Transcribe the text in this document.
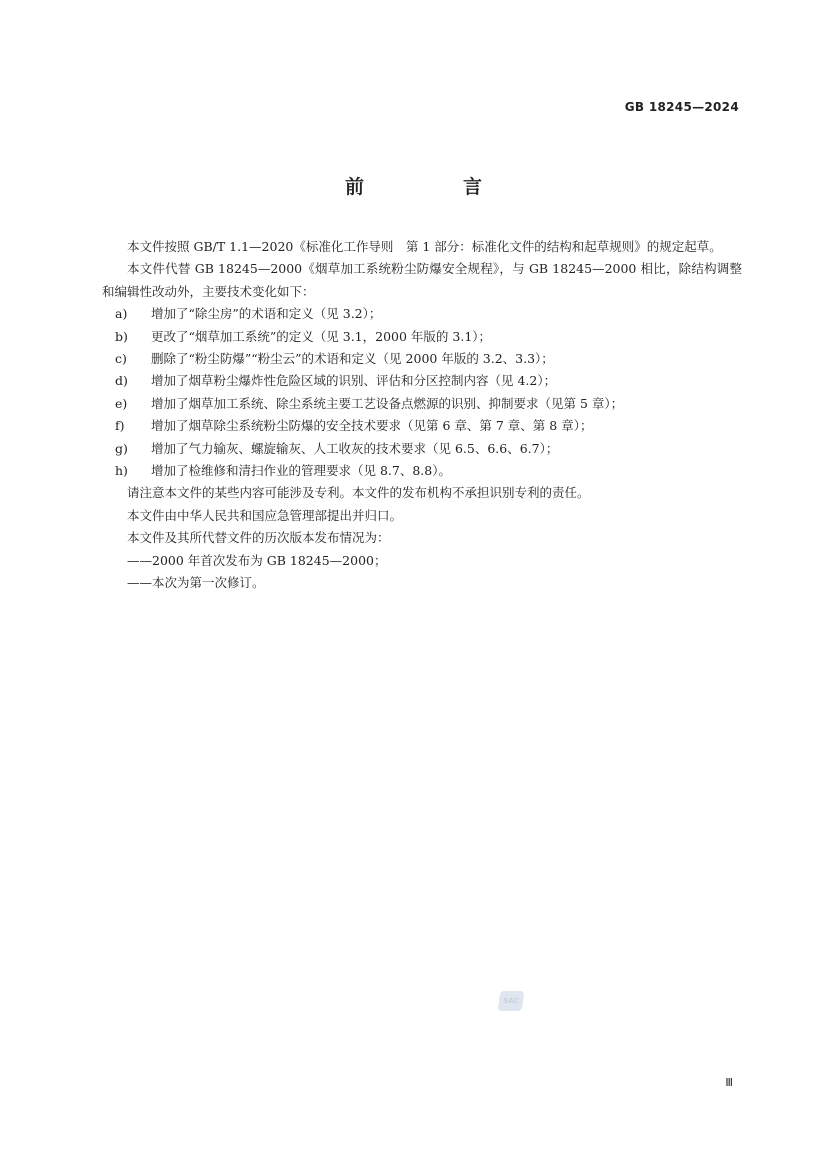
GB 18245—2024
前　言

本文件按照 GB/T 1.1—2020《标准化工作导则　第 1 部分：标准化文件的结构和起草规则》的规定起草。

本文件代替 GB 18245—2000《烟草加工系统粉尘防爆安全规程》，与 GB 18245—2000 相比，除结构调整和编辑性改动外，主要技术变化如下：

a)	增加了“除尘房”的术语和定义（见 3.2）；
b)	更改了“烟草加工系统”的定义（见 3.1，2000 年版的 3.1）；
c)	删除了“粉尘防爆”“粉尘云”的术语和定义（见 2000 年版的 3.2、3.3）；
d)	增加了烟草粉尘爆炸性危险区域的识别、评估和分区控制内容（见 4.2）；
e)	增加了烟草加工系统、除尘系统主要工艺设备点燃源的识别、抑制要求（见第 5 章）；
f)	增加了烟草除尘系统粉尘防爆的安全技术要求（见第 6 章、第 7 章、第 8 章）；
g)	增加了气力输灰、螺旋输灰、人工收灰的技术要求（见 6.5、6.6、6.7）；
h)	增加了检维修和清扫作业的管理要求（见 8.7、8.8）。

请注意本文件的某些内容可能涉及专利。本文件的发布机构不承担识别专利的责任。

本文件由中华人民共和国应急管理部提出并归口。

本文件及其所代替文件的历次版本发布情况为：

——2000 年首次发布为 GB 18245—2000；

——本次为第一次修订。

SAC
Ⅲ
